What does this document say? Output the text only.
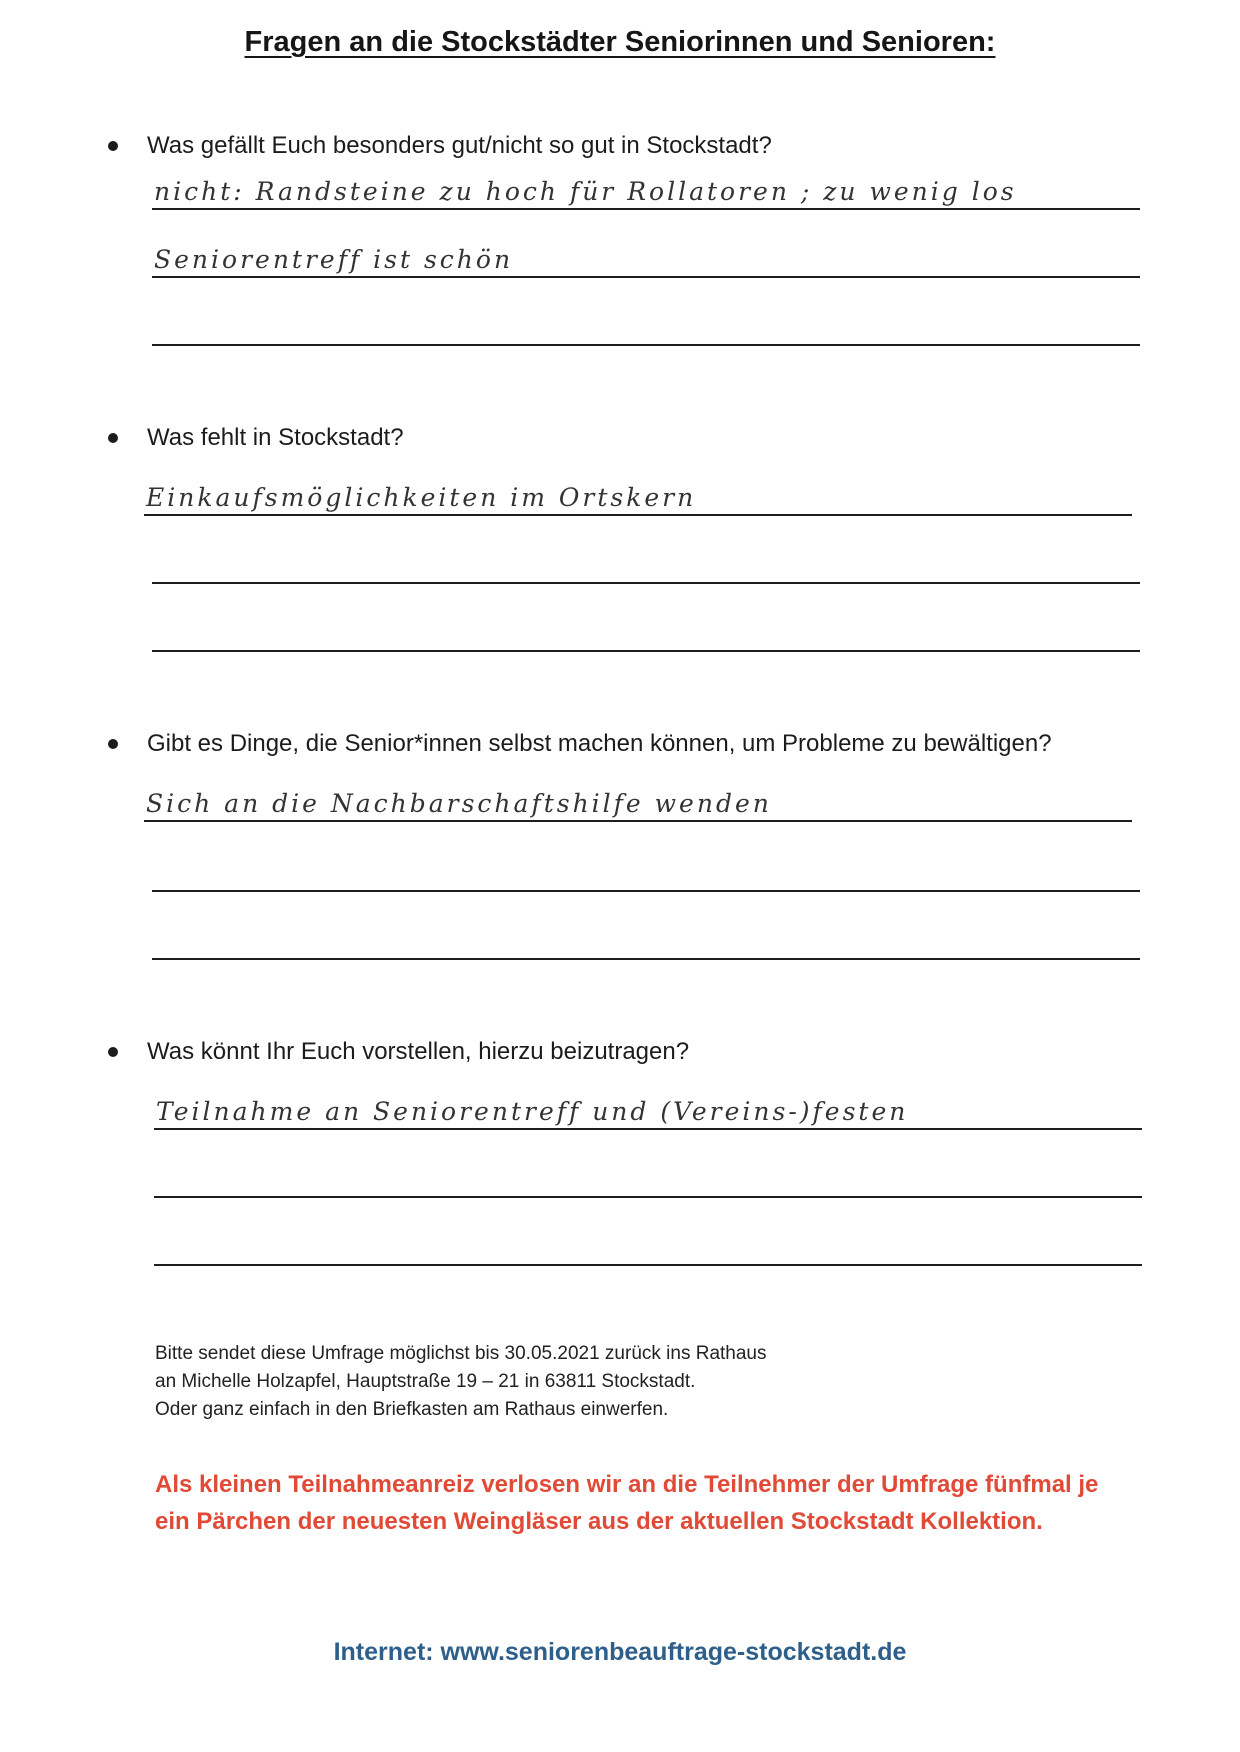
Fragen an die Stockstädter Seniorinnen und Senioren:
Was gefällt Euch besonders gut/nicht so gut in Stockstadt?
nicht: Randsteine zu hoch für Rollatoren ; zu wenig los
Seniorentreff ist schön
Was fehlt in Stockstadt?
Einkaufsmöglichkeiten im Ortskern
Gibt es Dinge, die Senior*innen selbst machen können, um Probleme zu bewältigen?
Sich an die Nachbarschaftshilfe wenden
Was könnt Ihr Euch vorstellen, hierzu beizutragen?
Teilnahme an Seniorentreff und (Vereins-)festen
Bitte sendet diese Umfrage möglichst bis 30.05.2021 zurück ins Rathaus
an Michelle Holzapfel, Hauptstraße 19 – 21 in 63811 Stockstadt.
Oder ganz einfach in den Briefkasten am Rathaus einwerfen.
Als kleinen Teilnahmeanreiz verlosen wir an die Teilnehmer der Umfrage fünfmal je
ein Pärchen der neuesten Weingläser aus der aktuellen Stockstadt Kollektion.
Internet: www.seniorenbeauftrage-stockstadt.de
